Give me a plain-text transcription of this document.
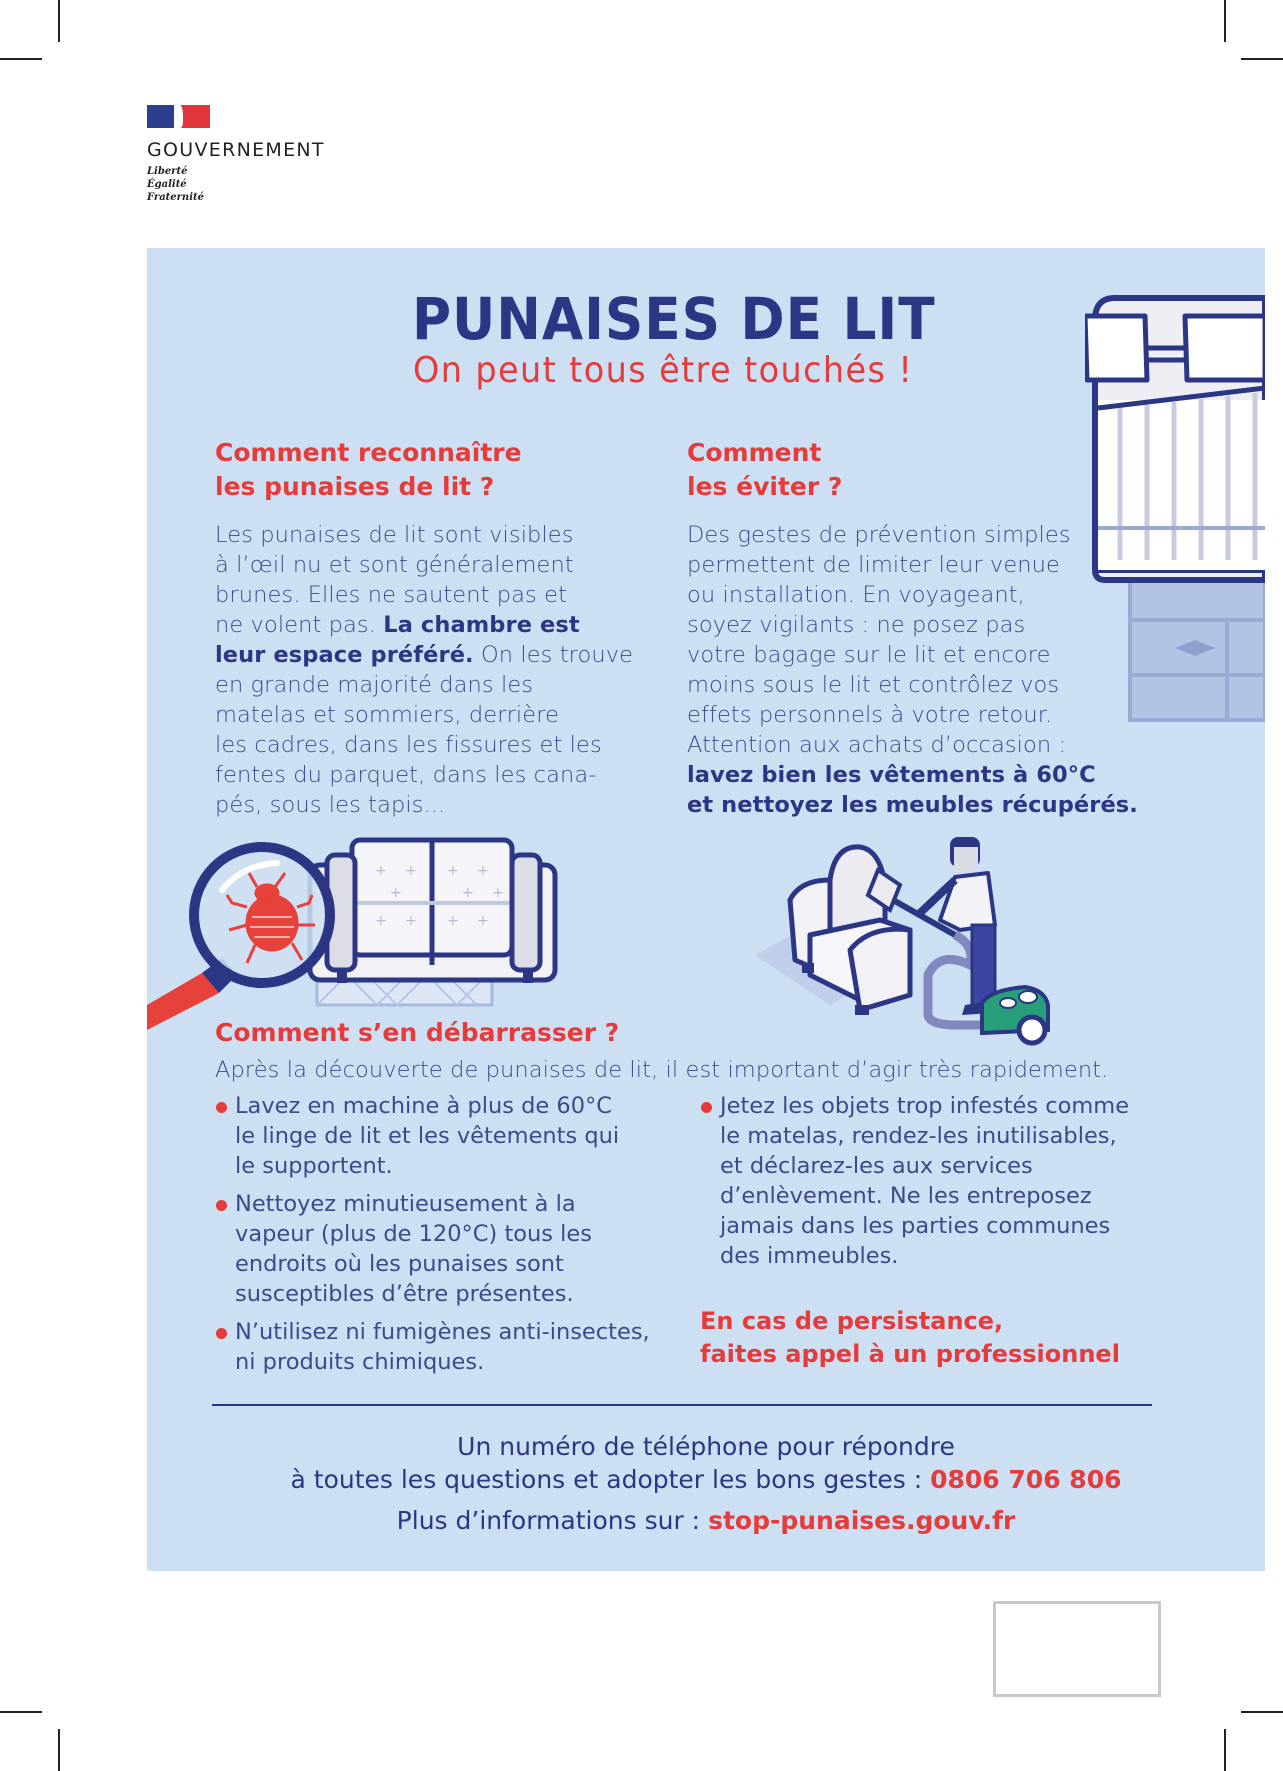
GOUVERNEMENT
Liberté
Égalité
Fraternité
PUNAISES DE LIT
On peut tous être touchés !
Comment reconnaître
les punaises de lit ?
Les punaises de lit sont visibles
à l’œil nu et sont généralement
brunes. Elles ne sautent pas et
ne volent pas. La chambre est
leur espace préféré. On les trouve
en grande majorité dans les
matelas et sommiers, derrière
les cadres, dans les fissures et les
fentes du parquet, dans les cana-
pés, sous les tapis...
Comment
les éviter ?
Des gestes de prévention simples
permettent de limiter leur venue
ou installation. En voyageant,
soyez vigilants : ne posez pas
votre bagage sur le lit et encore
moins sous le lit et contrôlez vos
effets personnels à votre retour.
Attention aux achats d’occasion :
lavez bien les vêtements à 60°C
et nettoyez les meubles récupérés.
+ + + +
+	+ +
+ + + +
Comment s’en débarrasser ?
Après la découverte de punaises de lit, il est important d’agir très rapidement.
Lavez en machine à plus de 60°C
le linge de lit et les vêtements qui
le supportent.
Nettoyez minutieusement à la
vapeur (plus de 120°C) tous les
endroits où les punaises sont
susceptibles d’être présentes.
N’utilisez ni fumigènes anti-insectes,
ni produits chimiques.
Jetez les objets trop infestés comme
le matelas, rendez-les inutilisables,
et déclarez-les aux services
d’enlèvement. Ne les entreposez
jamais dans les parties communes
des immeubles.
En cas de persistance,
faites appel à un professionnel
Un numéro de téléphone pour répondre
à toutes les questions et adopter les bons gestes : 0806 706 806
Plus d’informations sur : stop-punaises.gouv.fr
